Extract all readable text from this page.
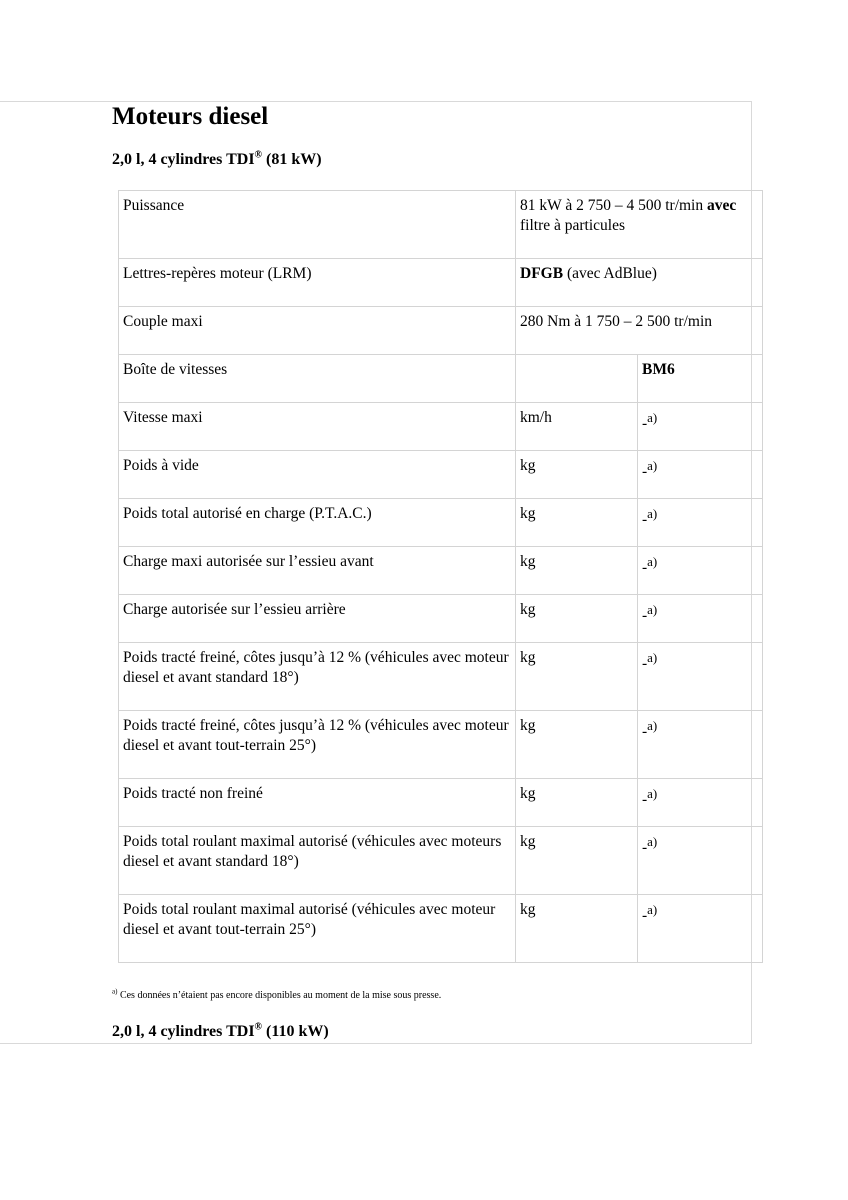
Moteurs diesel
2,0 l, 4 cylindres TDI® (81 kW)
Puissance	81 kW à 2 750 – 4 500 tr/min avec filtre à particules	
Lettres-repères moteur (LRM)	DFGB (avec AdBlue)	
Couple maxi	280 Nm à 1 750 – 2 500 tr/min	
Boîte de vitesses		BM6
Vitesse maxi	km/h	-$^{a)}$
Poids à vide	kg	-$^{a)}$
Poids total autorisé en charge (P.T.A.C.)	kg	-$^{a)}$
Charge maxi autorisée sur l’essieu avant	kg	-$^{a)}$
Charge autorisée sur l’essieu arrière	kg	-$^{a)}$
Poids tracté freiné, côtes jusqu’à 12 % (véhicules avec moteur diesel et avant standard 18°)	kg	-$^{a)}$
Poids tracté freiné, côtes jusqu’à 12 % (véhicules avec moteur diesel et avant tout-terrain 25°)	kg	-$^{a)}$
Poids tracté non freiné	kg	-$^{a)}$
Poids total roulant maximal autorisé (véhicules avec moteurs diesel et avant standard 18°)	kg	-$^{a)}$
Poids total roulant maximal autorisé (véhicules avec moteur diesel et avant tout-terrain 25°)	kg	-$^{a)}$
$^{a)}$ Ces données n’étaient pas encore disponibles au moment de la mise sous presse.
2,0 l, 4 cylindres TDI® (110 kW)
